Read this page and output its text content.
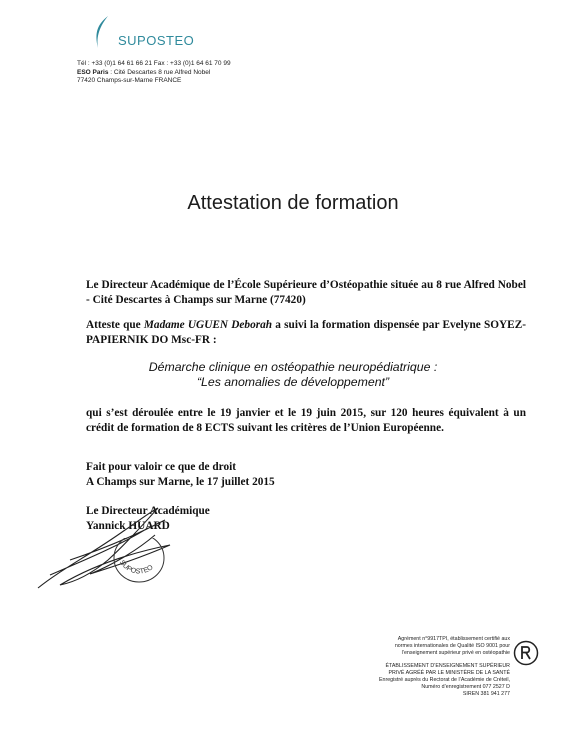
SUPOSTEO
Tél : +33 (0)1 64 61 66 21 Fax : +33 (0)1 64 61 70 99
ESO Paris : Cité Descartes 8 rue Alfred Nobel
77420 Champs-sur-Marne FRANCE
Attestation de formation
Le Directeur Académique de l’École Supérieure d’Ostéopathie située au 8 rue Alfred Nobel - Cité Descartes à Champs sur Marne (77420)
Atteste que Madame UGUEN Deborah a suivi la formation dispensée par Evelyne SOYEZ-PAPIERNIK DO Msc-FR :
Démarche clinique en ostéopathie neuropédiatrique :
“Les anomalies de développement”
qui s’est déroulée entre le 19 janvier et le 19 juin 2015, sur 120 heures équivalent à un crédit de formation de 8 ECTS suivant les critères de l’Union Européenne.
Fait pour valoir ce que de droit
A Champs sur Marne, le 17 juillet 2015
Le Directeur Académique
Yannick HUARD
SUPOSTEO
Agrément n°9917TPI, établissement certifié aux
normes internationales de Qualité ISO 9001 pour
l’enseignement supérieur privé en ostéopathie
ÉTABLISSEMENT D’ENSEIGNEMENT SUPÉRIEUR
PRIVÉ AGRÉÉ PAR LE MINISTÈRE DE LA SANTÉ
Enregistré auprès du Rectorat de l’Académie de Créteil,
Numéro d’enregistrement 077 2527 D
SIREN 381 941 277
